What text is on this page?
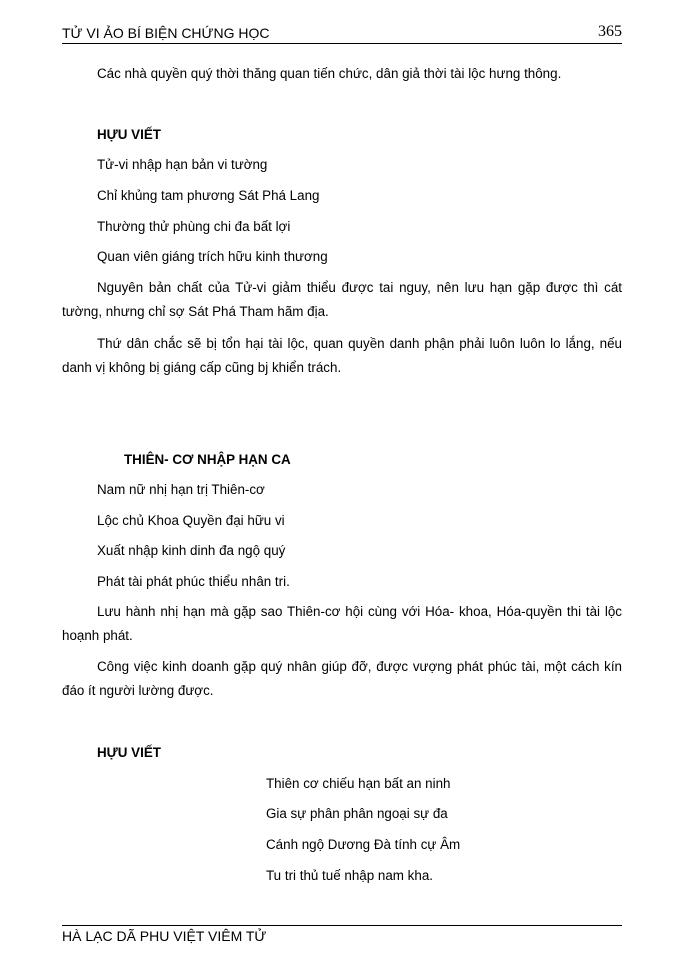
TỬ VI ẢO BÍ BIỆN CHỨNG HỌC	365
Các nhà quyền quý thời thăng quan tiến chức, dân giả thời tài lộc hưng thông.
HỰU VIẾT
Tử-vi nhập hạn bản vi tường
Chỉ khủng tam phương Sát Phá Lang
Thường thử phùng chi đa bất lợi
Quan viên giáng trích hữu kinh thương
Nguyên bản chất của Tử-vi giảm thiểu được tai nguy, nên lưu hạn gặp được thì cát tường, nhưng chỉ sợ Sát Phá Tham hãm địa.
Thứ dân chắc sẽ bị tổn hại tài lộc, quan quyền danh phận phải luôn luôn lo lắng, nếu danh vị không bị giáng cấp cũng bj khiển trách.
THIÊN- CƠ NHẬP HẠN CA
Nam nữ nhị hạn trị Thiên-cơ
Lộc chủ Khoa Quyền đại hữu vi
Xuất nhập kinh dinh đa ngộ quý
Phát tài phát phúc thiểu nhân tri.
Lưu hành nhị hạn mà gặp sao Thiên-cơ hội cùng với Hóa- khoa, Hóa-quyền thi tài lộc hoạnh phát.
Công việc kinh doanh gặp quý nhân giúp đỡ, được vượng phát phúc tài, một cách kín đáo ít người lường được.
HỰU VIẾT
Thiên cơ chiếu hạn bất an ninh
Gia sự phân phân ngoại sự đa
Cánh ngộ Dương Đà tính cự Âm
Tu tri thủ tuế nhập nam kha.
HÀ LẠC DÃ PHU VIỆT VIÊM TỬ
